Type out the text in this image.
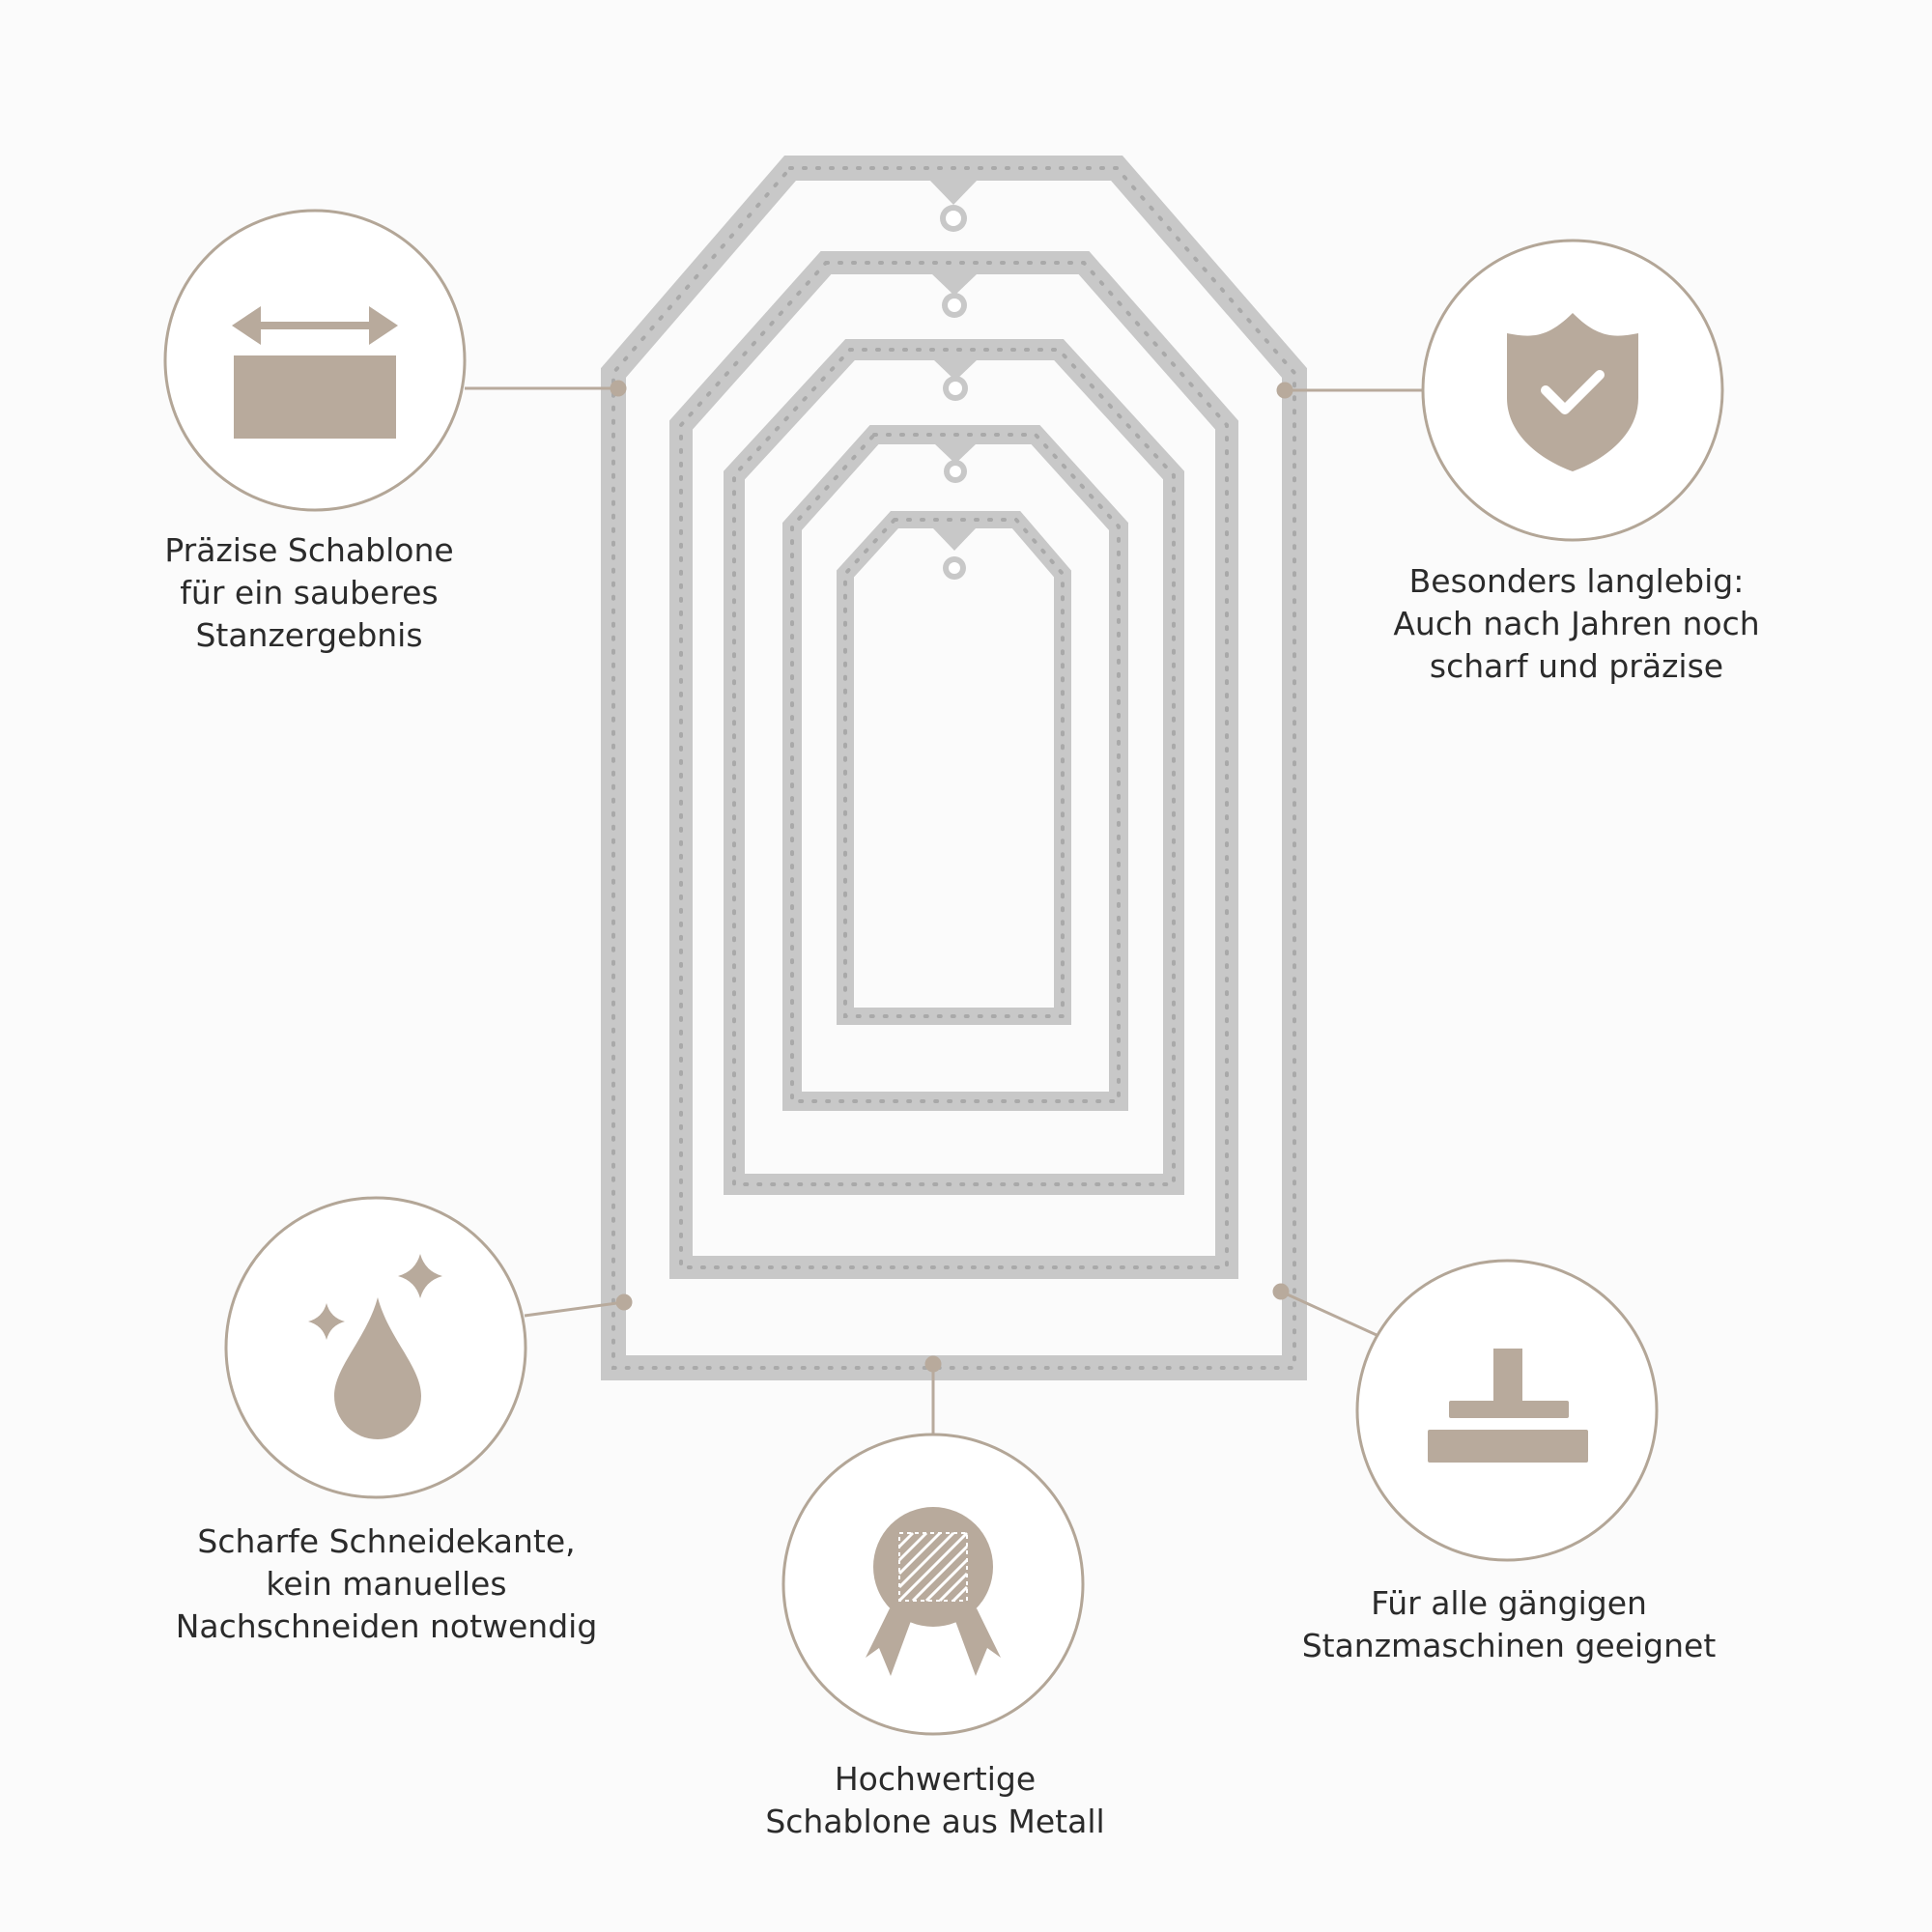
Präzise Schablone
für ein sauberes
Stanzergebnis
Besonders langlebig:
Auch nach Jahren noch
scharf und präzise
Scharfe Schneidekante,
kein manuelles
Nachschneiden notwendig
Hochwertige
Schablone aus Metall
Für alle gängigen
Stanzmaschinen geeignet
